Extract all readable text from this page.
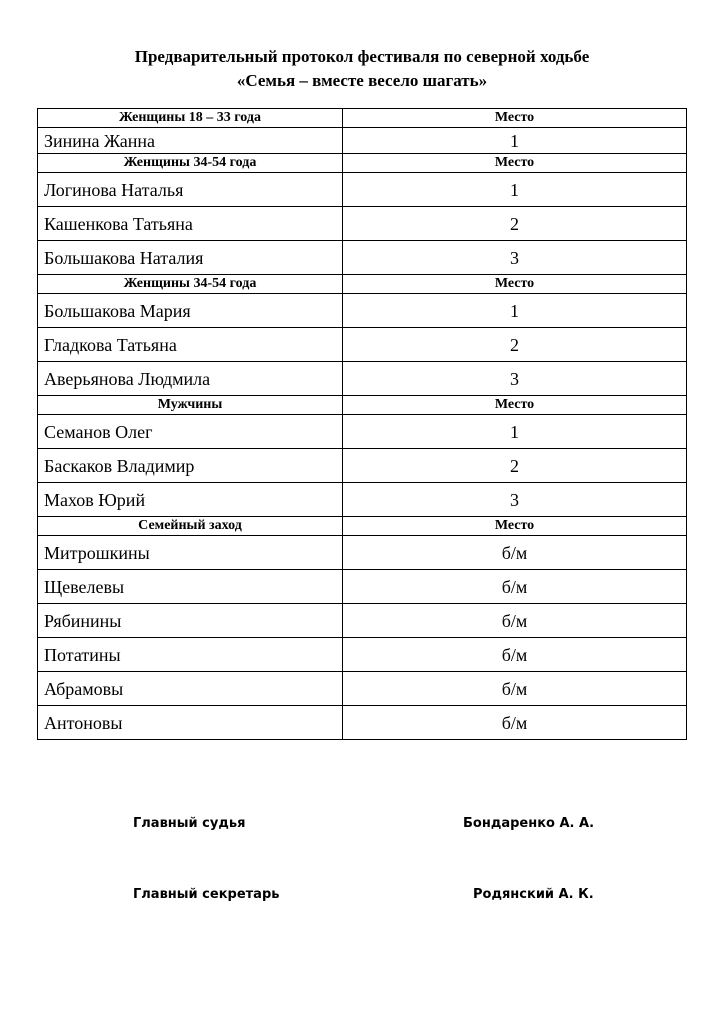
Предварительный протокол фестиваля по северной ходьбе
«Семья – вместе весело шагать»
Женщины 18 – 33 года	Место
Зинина Жанна	1
Женщины 34-54 года	Место
Логинова Наталья	1
Кашенкова Татьяна	2
Большакова Наталия	3
Женщины 34-54 года	Место
Большакова Мария	1
Гладкова Татьяна	2
Аверьянова Людмила	3
Мужчины	Место
Семанов Олег	1
Баскаков Владимир	2
Махов Юрий	3
Семейный заход	Место
Митрошкины	б/м
Щевелевы	б/м
Рябинины	б/м
Потатины	б/м
Абрамовы	б/м
Антоновы	б/м
Главный судья	Бондаренко А. А.
Главный секретарь	Родянский А. К.
